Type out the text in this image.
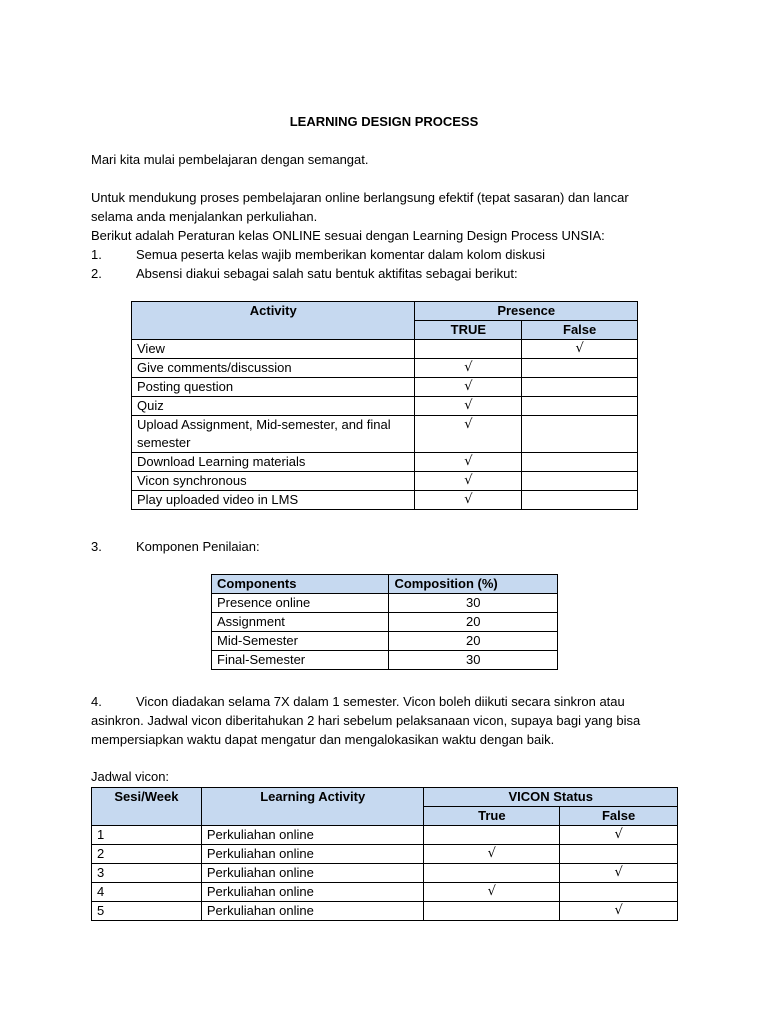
LEARNING DESIGN PROCESS
Mari kita mulai pembelajaran dengan semangat.
Untuk mendukung proses pembelajaran online berlangsung efektif (tepat sasaran) dan lancar
selama anda menjalankan perkuliahan.
Berikut adalah Peraturan kelas ONLINE sesuai dengan Learning Design Process UNSIA:
1.	Semua peserta kelas wajib memberikan komentar dalam kolom diskusi
2.	Absensi diakui sebagai salah satu bentuk aktifitas sebagai berikut:
Activity	Presence	
	TRUE	False
View		√
Give comments/discussion	√	
Posting question	√	
Quiz	√	
Upload Assignment, Mid-semester, and final semester	√	
Download Learning materials	√	
Vicon synchronous	√	
Play uploaded video in LMS	√	
3.	Komponen Penilaian:
Components	Composition (%)
Presence online	30
Assignment	20
Mid-Semester	20
Final-Semester	30
4.	Vicon diadakan selama 7X dalam 1 semester. Vicon boleh diikuti secara sinkron atau
asinkron. Jadwal vicon diberitahukan 2 hari sebelum pelaksanaan vicon, supaya bagi yang bisa
mempersiapkan waktu dapat mengatur dan mengalokasikan waktu dengan baik.
Jadwal vicon:
Sesi/Week	Learning Activity	VICON Status	
		True	False
1	Perkuliahan online		√
2	Perkuliahan online	√	
3	Perkuliahan online		√
4	Perkuliahan online	√	
5	Perkuliahan online		√
